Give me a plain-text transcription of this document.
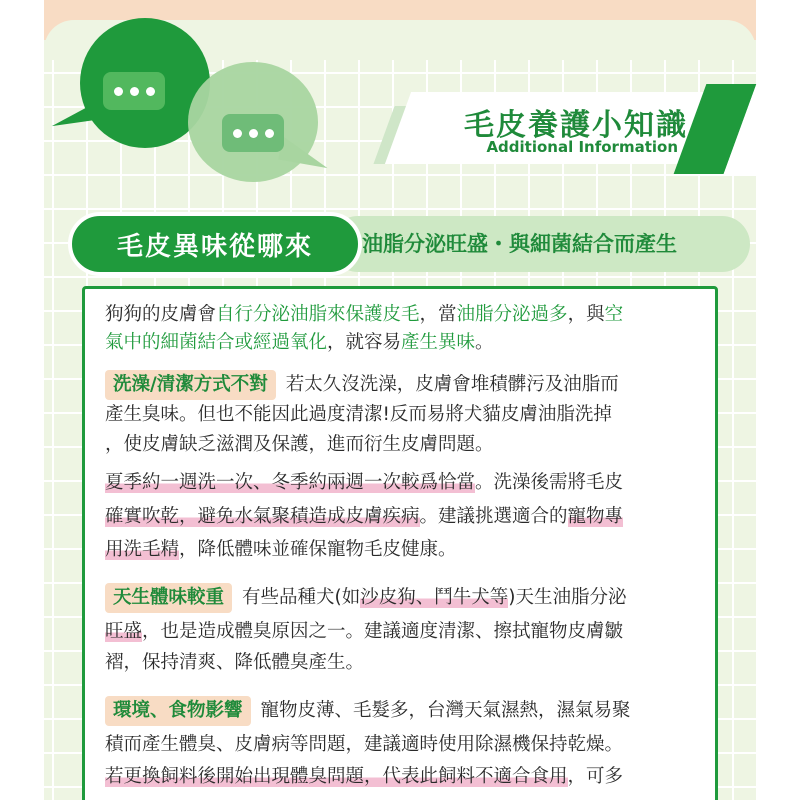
毛皮養護小知識
Additional Information
油脂分泌旺盛・與細菌結合而產生
毛皮異味從哪來
狗狗的皮膚會自行分泌油脂來保護皮毛，當油脂分泌過多，與空
氣中的細菌結合或經過氧化，就容易產生異味。
洗澡/清潔方式不對 若太久沒洗澡，皮膚會堆積髒污及油脂而
產生臭味。但也不能因此過度清潔!反而易將犬貓皮膚油脂洗掉
，使皮膚缺乏滋潤及保護，進而衍生皮膚問題。
夏季約一週洗一次、冬季約兩週一次較爲恰當。洗澡後需將毛皮
確實吹乾，避免水氣聚積造成皮膚疾病。建議挑選適合的寵物專
用洗毛精，降低體味並確保寵物毛皮健康。
天生體味較重 有些品種犬(如沙皮狗、鬥牛犬等)天生油脂分泌
旺盛，也是造成體臭原因之一。建議適度清潔、擦拭寵物皮膚皺
褶，保持清爽、降低體臭產生。
環境、食物影響 寵物皮薄、毛髮多，台灣天氣濕熱，濕氣易聚
積而產生體臭、皮膚病等問題，建議適時使用除濕機保持乾燥。
若更換飼料後開始出現體臭問題，代表此飼料不適合食用，可多
